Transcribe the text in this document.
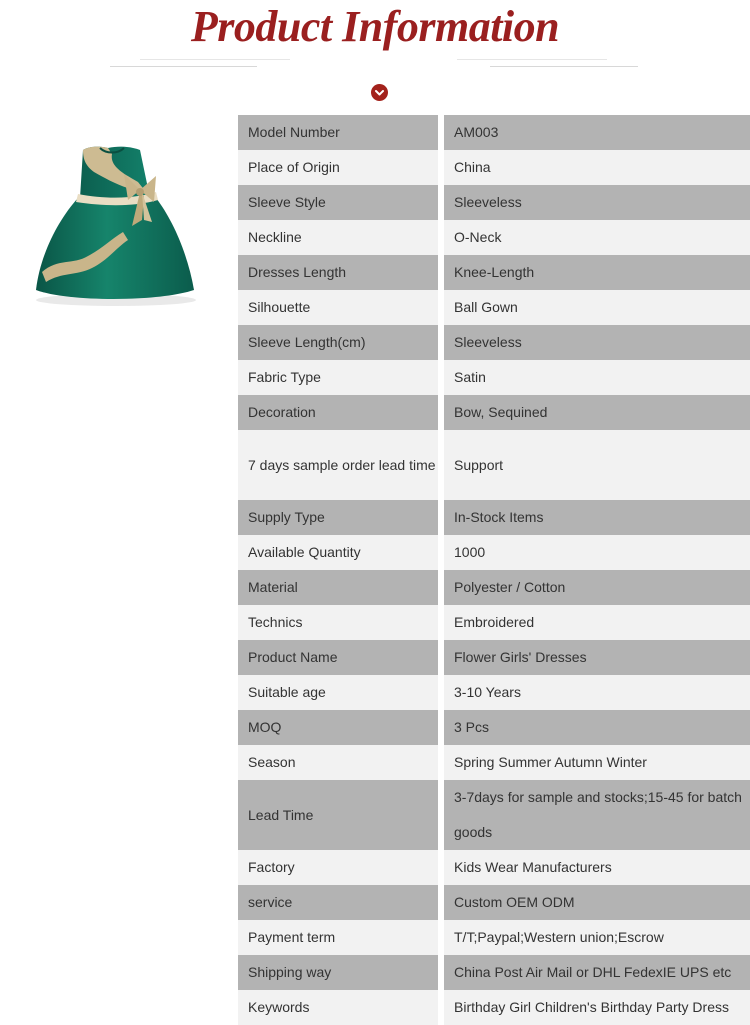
Product Information
Model Number	AM003

Place of Origin	China

Sleeve Style	Sleeveless

Neckline	O-Neck

Dresses Length	Knee-Length

Silhouette	Ball Gown

Sleeve Length(cm)	Sleeveless

Fabric Type	Satin

Decoration	Bow, Sequined

7 days sample order lead time	Support

Supply Type	In-Stock Items

Available Quantity	1000

Material	Polyester / Cotton

Technics	Embroidered

Product Name	Flower Girls' Dresses

Suitable age	3-10 Years

MOQ	3 Pcs

Season	Spring Summer Autumn Winter

Lead Time	3-7days for sample and stocks;15-45 for batch goods

Factory	Kids Wear Manufacturers

service	Custom OEM ODM

Payment term	T/T;Paypal;Western union;Escrow

Shipping way	China Post Air Mail or DHL FedexIE UPS etc

Keywords	Birthday Girl Children's Birthday Party Dress
